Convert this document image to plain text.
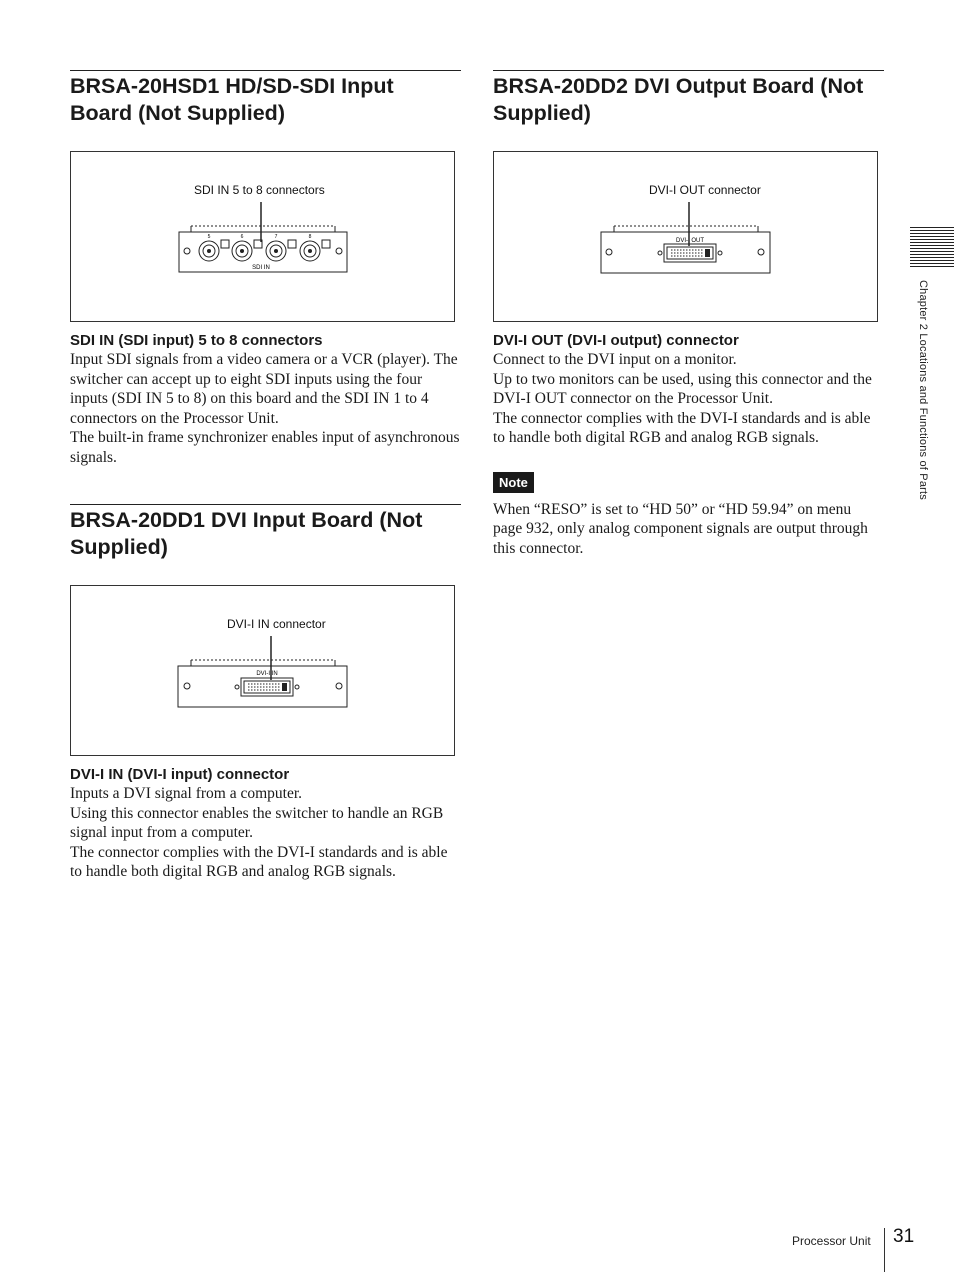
BRSA-20HSD1 HD/SD-SDI Input Board (Not Supplied)
5	6	7	8
SDI IN
SDI IN 5 to 8 connectors
SDI IN (SDI input) 5 to 8 connectors

Input SDI signals from a video camera or a VCR (player). The switcher can accept up to eight SDI inputs using the four inputs (SDI IN 5 to 8) on this board and the SDI IN 1 to 4 connectors on the Processor Unit.

The built-in frame synchronizer enables input of asynchronous signals.

BRSA-20DD1 DVI Input Board (Not Supplied)
DVI-I IN
DVI-I IN connector
DVI-I IN (DVI-I input) connector

Inputs a DVI signal from a computer.

Using this connector enables the switcher to handle an RGB signal input from a computer.

The connector complies with the DVI-I standards and is able to handle both digital RGB and analog RGB signals.

BRSA-20DD2 DVI Output Board (Not Supplied)
DVI-I OUT
DVI-I OUT connector
DVI-I OUT (DVI-I output) connector

Connect to the DVI input on a monitor.

Up to two monitors can be used, using this connector and the DVI-I OUT connector on the Processor Unit.

The connector complies with the DVI-I standards and is able to handle both digital RGB and analog RGB signals.

Note

When “RESO” is set to “HD 50” or “HD 59.94” on menu page 932, only analog component signals are output through this connector.

Chapter 2 Locations and Functions of Parts
Processor Unit 31
